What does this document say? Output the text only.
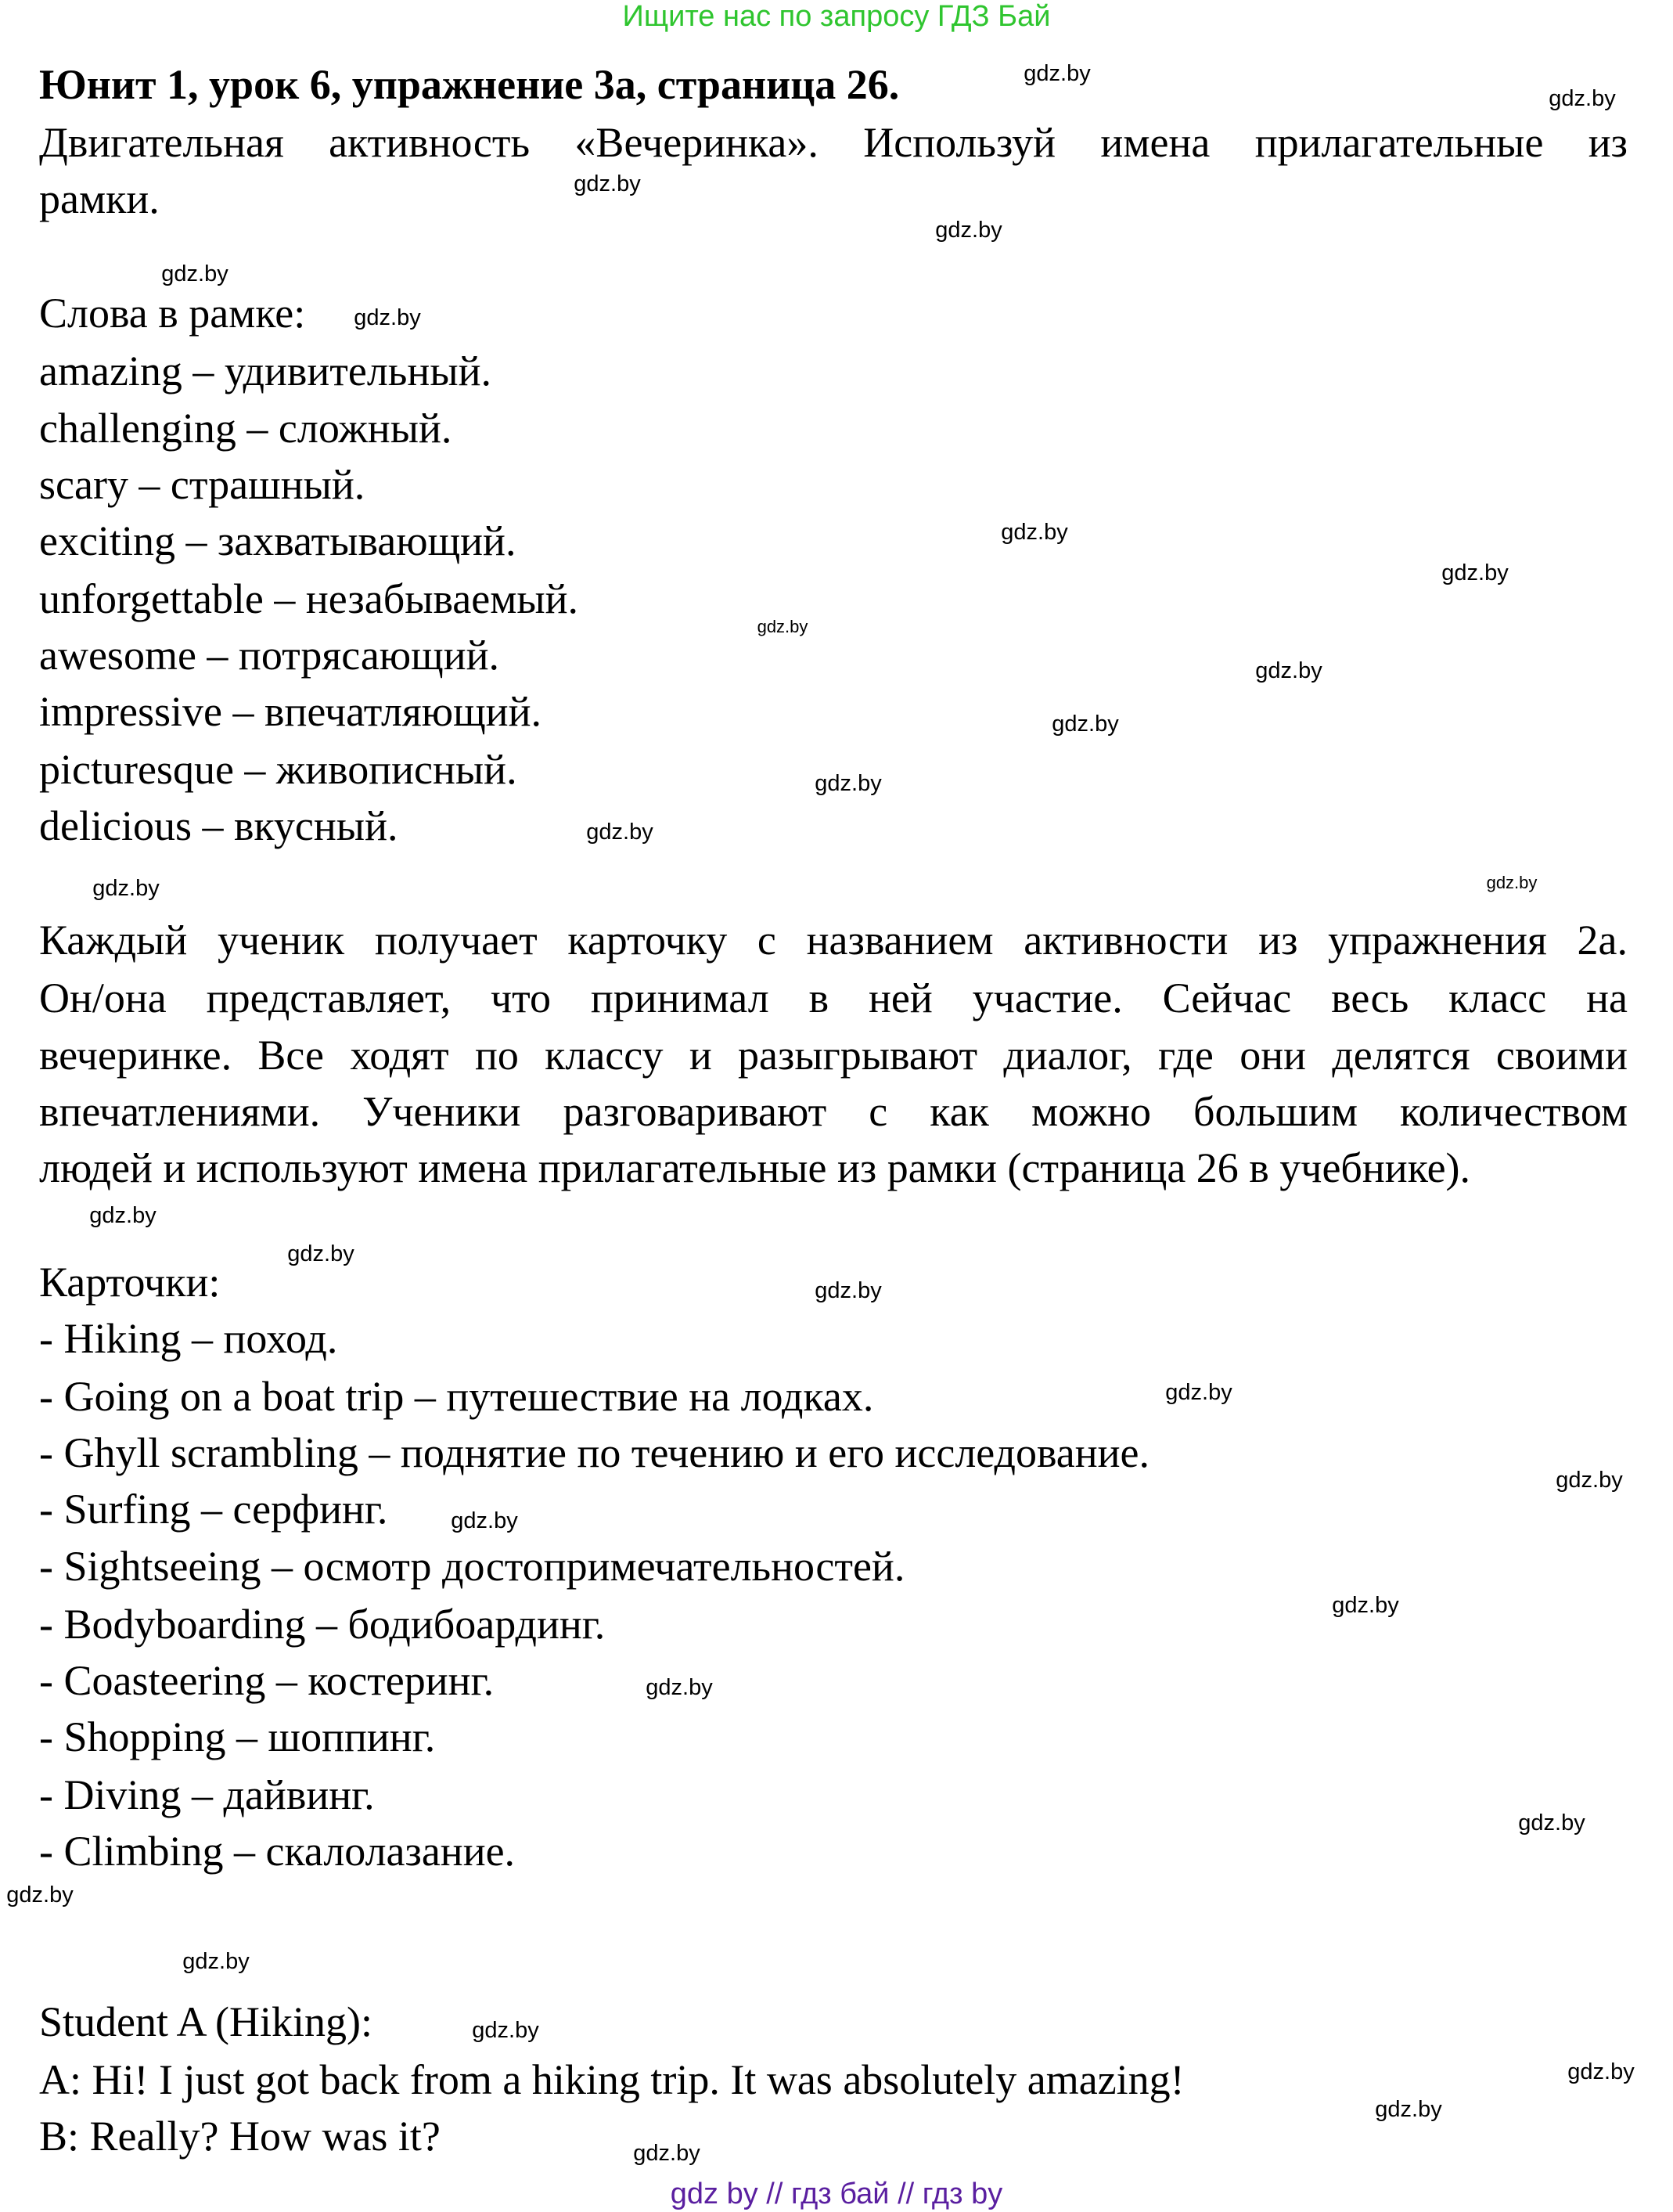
Ищите нас по запросу ГДЗ Бай
Юнит 1, урок 6, упражнение 3а, страница 26.
Двигательная активность «Вечеринка». Используй имена прилагательные из
рамки.
Слова в рамке:
amazing – удивительный.
challenging – сложный.
scary – страшный.
exciting – захватывающий.
unforgettable – незабываемый.
awesome – потрясающий.
impressive – впечатляющий.
picturesque – живописный.
delicious – вкусный.
Каждый ученик получает карточку с названием активности из упражнения 2a.
Он/она представляет, что принимал в ней участие. Сейчас весь класс на
вечеринке. Все ходят по классу и разыгрывают диалог, где они делятся своими
впечатлениями. Ученики разговаривают с как можно большим количеством
людей и используют имена прилагательные из рамки (страница 26 в учебнике).
Карточки:
- Hiking – поход.
- Going on a boat trip – путешествие на лодках.
- Ghyll scrambling – поднятие по течению и его исследование.
- Surfing – серфинг.
- Sightseeing – осмотр достопримечательностей.
- Bodyboarding – бодибоардинг.
- Coasteering – костеринг.
- Shopping – шоппинг.
- Diving – дайвинг.
- Climbing – скалолазание.
Student A (Hiking):
A: Hi! I just got back from a hiking trip. It was absolutely amazing!
B: Really? How was it?
gdz.by
gdz.by
gdz.by
gdz.by
gdz.by
gdz.by
gdz.by
gdz.by
gdz.by
gdz.by
gdz.by
gdz.by
gdz.by
gdz.by	gdz.by
gdz.by
gdz.by
gdz.by
gdz.by
gdz.by
gdz.by
gdz.by
gdz.by
gdz.by
gdz.by
gdz.by
gdz.by
gdz.by
gdz.by
gdz.by
gdz by // гдз бай // гдз by
